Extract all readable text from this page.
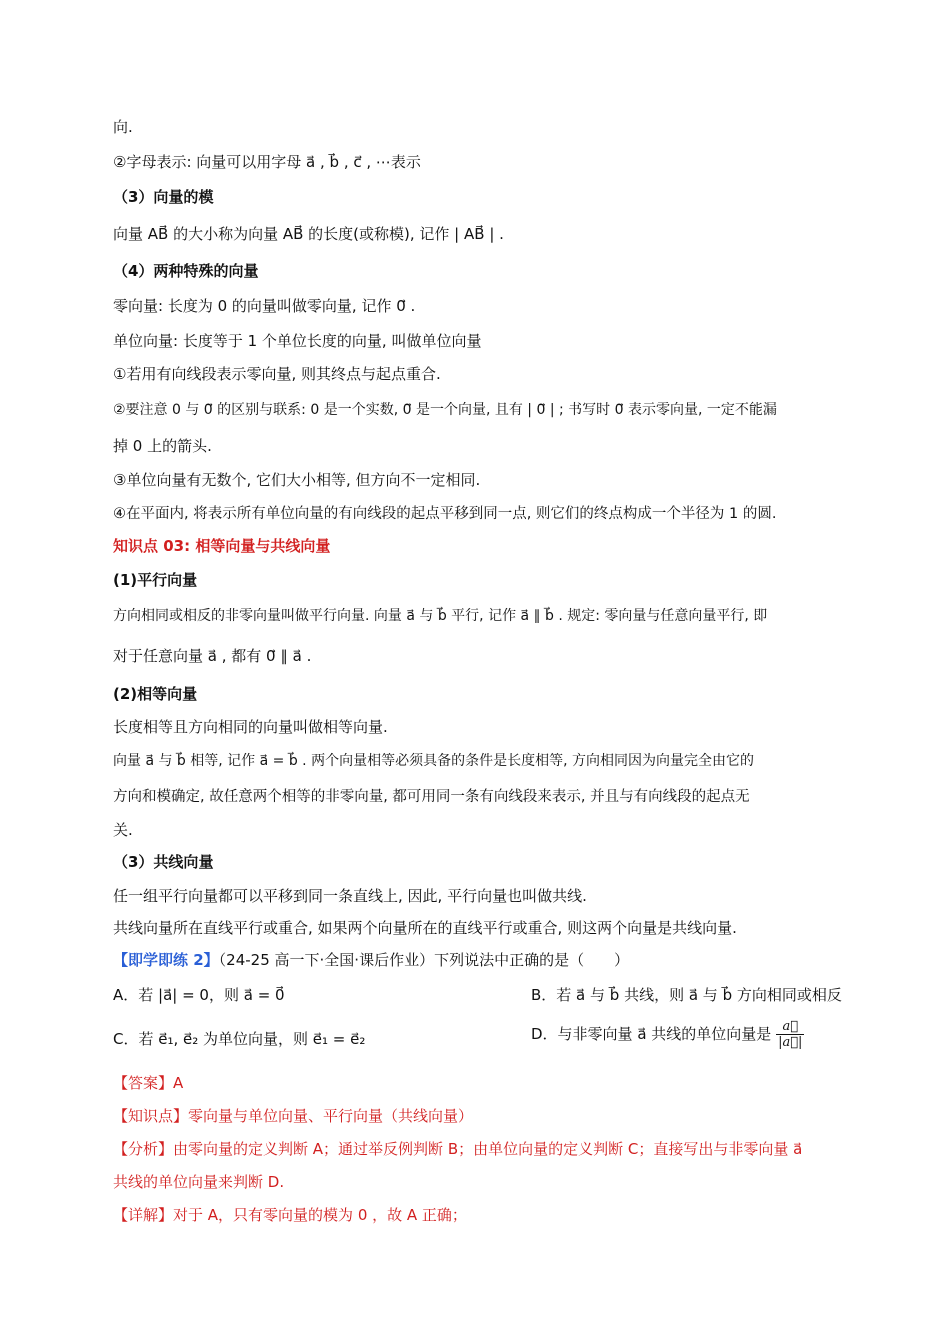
向.
②字母表示: 向量可以用字母 a⃗ , b⃗ , c⃗ , ⋯表示
（3）向量的模
向量 AB⃗ 的大小称为向量 AB⃗ 的长度(或称模), 记作 | AB⃗ | .
（4）两种特殊的向量
零向量: 长度为 0 的向量叫做零向量, 记作 0⃗ .
单位向量: 长度等于 1 个单位长度的向量, 叫做单位向量
①若用有向线段表示零向量, 则其终点与起点重合.
②要注意 0 与 0⃗ 的区别与联系: 0 是一个实数, 0⃗ 是一个向量, 且有 | 0⃗ | ; 书写时 0⃗ 表示零向量, 一定不能漏
掉 0 上的箭头.
③单位向量有无数个, 它们大小相等, 但方向不一定相同.
④在平面内, 将表示所有单位向量的有向线段的起点平移到同一点, 则它们的终点构成一个半径为 1 的圆.
知识点 03: 相等向量与共线向量
(1)平行向量
方向相同或相反的非零向量叫做平行向量. 向量 a⃗ 与 b⃗ 平行, 记作 a⃗ ∥ b⃗ . 规定: 零向量与任意向量平行, 即
对于任意向量 a⃗ , 都有 0⃗ ∥ a⃗ .
(2)相等向量
长度相等且方向相同的向量叫做相等向量.
向量 a⃗ 与 b⃗ 相等, 记作 a⃗ = b⃗ . 两个向量相等必须具备的条件是长度相等, 方向相同因为向量完全由它的
方向和模确定, 故任意两个相等的非零向量, 都可用同一条有向线段来表示, 并且与有向线段的起点无
关.
（3）共线向量
任一组平行向量都可以平移到同一条直线上, 因此, 平行向量也叫做共线.
共线向量所在直线平行或重合, 如果两个向量所在的直线平行或重合, 则这两个向量是共线向量.
【即学即练 2】（24-25 高一下·全国·课后作业）下列说法中正确的是（　　）
A．若 |a⃗| = 0，则 a⃗ = 0⃗	B．若 a⃗ 与 b⃗ 共线，则 a⃗ 与 b⃗ 方向相同或相反
C．若 e⃗₁, e⃗₂ 为单位向量，则 e⃗₁ = e⃗₂	D．与非零向量 a⃗ 共线的单位向量是 $\frac{a⃗}{|a⃗|}$
【答案】A
【知识点】零向量与单位向量、平行向量（共线向量）
【分析】由零向量的定义判断 A；通过举反例判断 B；由单位向量的定义判断 C；直接写出与非零向量 a⃗
共线的单位向量来判断 D.
【详解】对于 A，只有零向量的模为 0 ，故 A 正确；
